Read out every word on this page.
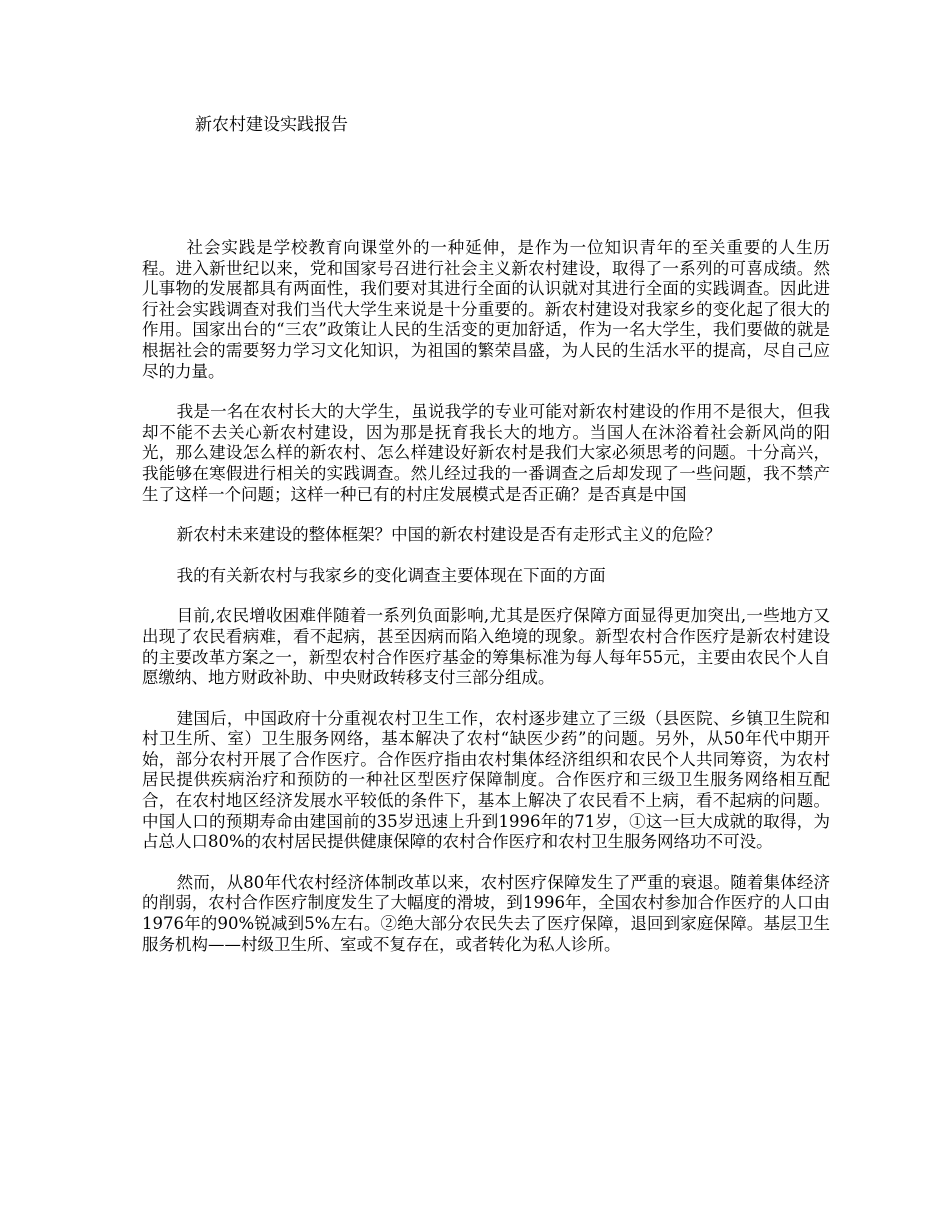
新农村建设实践报告

社会实践是学校教育向课堂外的一种延伸，是作为一位知识青年的至关重要的人生历程。进入新世纪以来，党和国家号召进行社会主义新农村建设，取得了一系列的可喜成绩。然儿事物的发展都具有两面性，我们要对其进行全面的认识就对其进行全面的实践调查。因此进行社会实践调查对我们当代大学生来说是十分重要的。新农村建设对我家乡的变化起了很大的作用。国家出台的“三农”政策让人民的生活变的更加舒适，作为一名大学生，我们要做的就是根据社会的需要努力学习文化知识，为祖国的繁荣昌盛，为人民的生活水平的提高，尽自己应尽的力量。

我是一名在农村长大的大学生，虽说我学的专业可能对新农村建设的作用不是很大，但我却不能不去关心新农村建设，因为那是抚育我长大的地方。当国人在沐浴着社会新风尚的阳光，那么建设怎么样的新农村、怎么样建设好新农村是我们大家必须思考的问题。十分高兴，我能够在寒假进行相关的实践调查。然儿经过我的一番调查之后却发现了一些问题，我不禁产生了这样一个问题；这样一种已有的村庄发展模式是否正确？是否真是中国

新农村未来建设的整体框架？中国的新农村建设是否有走形式主义的危险？

我的有关新农村与我家乡的变化调查主要体现在下面的方面

目前,农民增收困难伴随着一系列负面影响,尤其是医疗保障方面显得更加突出,一些地方又出现了农民看病难，看不起病，甚至因病而陷入绝境的现象。新型农村合作医疗是新农村建设的主要改革方案之一，新型农村合作医疗基金的筹集标准为每人每年55元，主要由农民个人自愿缴纳、地方财政补助、中央财政转移支付三部分组成。

建国后，中国政府十分重视农村卫生工作，农村逐步建立了三级（县医院、乡镇卫生院和村卫生所、室）卫生服务网络，基本解决了农村“缺医少药”的问题。另外，从50年代中期开始，部分农村开展了合作医疗。合作医疗指由农村集体经济组织和农民个人共同筹资，为农村居民提供疾病治疗和预防的一种社区型医疗保障制度。合作医疗和三级卫生服务网络相互配合，在农村地区经济发展水平较低的条件下，基本上解决了农民看不上病，看不起病的问题。中国人口的预期寿命由建国前的35岁迅速上升到1996年的71岁，①这一巨大成就的取得，为占总人口80%的农村居民提供健康保障的农村合作医疗和农村卫生服务网络功不可没。

然而，从80年代农村经济体制改革以来，农村医疗保障发生了严重的衰退。随着集体经济的削弱，农村合作医疗制度发生了大幅度的滑坡，到1996年，全国农村参加合作医疗的人口由1976年的90%锐减到5%左右。②绝大部分农民失去了医疗保障，退回到家庭保障。基层卫生服务机构——村级卫生所、室或不复存在，或者转化为私人诊所。
